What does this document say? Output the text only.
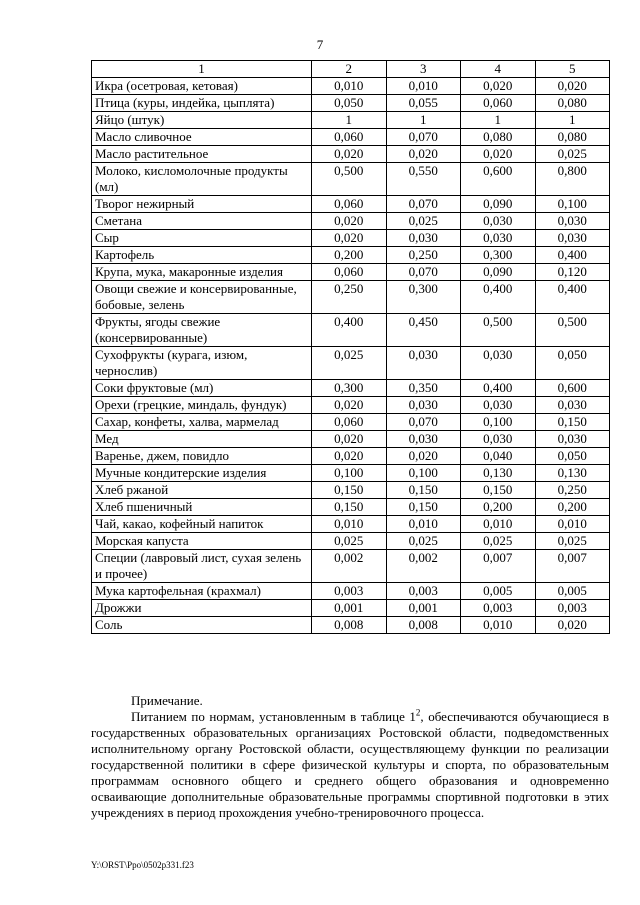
7
1	2	3	4	5
Икра (осетровая, кетовая)	0,010	0,010	0,020	0,020
Птица (куры, индейка, цыплята)	0,050	0,055	0,060	0,080
Яйцо (штук)	1	1	1	1
Масло сливочное	0,060	0,070	0,080	0,080
Масло растительное	0,020	0,020	0,020	0,025
Молоко, кисломолочные продукты (мл)	0,500	0,550	0,600	0,800
Творог нежирный	0,060	0,070	0,090	0,100
Сметана	0,020	0,025	0,030	0,030
Сыр	0,020	0,030	0,030	0,030
Картофель	0,200	0,250	0,300	0,400
Крупа, мука, макаронные изделия	0,060	0,070	0,090	0,120
Овощи свежие и консервированные, бобовые, зелень	0,250	0,300	0,400	0,400
Фрукты, ягоды свежие (консервированные)	0,400	0,450	0,500	0,500
Сухофрукты (курага, изюм, чернослив)	0,025	0,030	0,030	0,050
Соки фруктовые (мл)	0,300	0,350	0,400	0,600
Орехи (грецкие, миндаль, фундук)	0,020	0,030	0,030	0,030
Сахар, конфеты, халва, мармелад	0,060	0,070	0,100	0,150
Мед	0,020	0,030	0,030	0,030
Варенье, джем, повидло	0,020	0,020	0,040	0,050
Мучные кондитерские изделия	0,100	0,100	0,130	0,130
Хлеб ржаной	0,150	0,150	0,150	0,250
Хлеб пшеничный	0,150	0,150	0,200	0,200
Чай, какао, кофейный напиток	0,010	0,010	0,010	0,010
Морская капуста	0,025	0,025	0,025	0,025
Специи (лавровый лист, сухая зелень и прочее)	0,002	0,002	0,007	0,007
Мука картофельная (крахмал)	0,003	0,003	0,005	0,005
Дрожжи	0,001	0,001	0,003	0,003
Соль	0,008	0,008	0,010	0,020

Примечание.

Питанием по нормам, установленным в таблице $1^2$, обеспечиваются обучающиеся в государственных образовательных организациях Ростовской области, подведомственных исполнительному органу Ростовской области, осуществляющему функции по реализации государственной политики в сфере физической культуры и спорта, по образовательным программам основного общего и среднего общего образования и одновременно осваивающие дополнительные образовательные программы спортивной подготовки в этих учреждениях в период прохождения учебно-тренировочного процесса.

Y:\ORST\Ppo\0502p331.f23
